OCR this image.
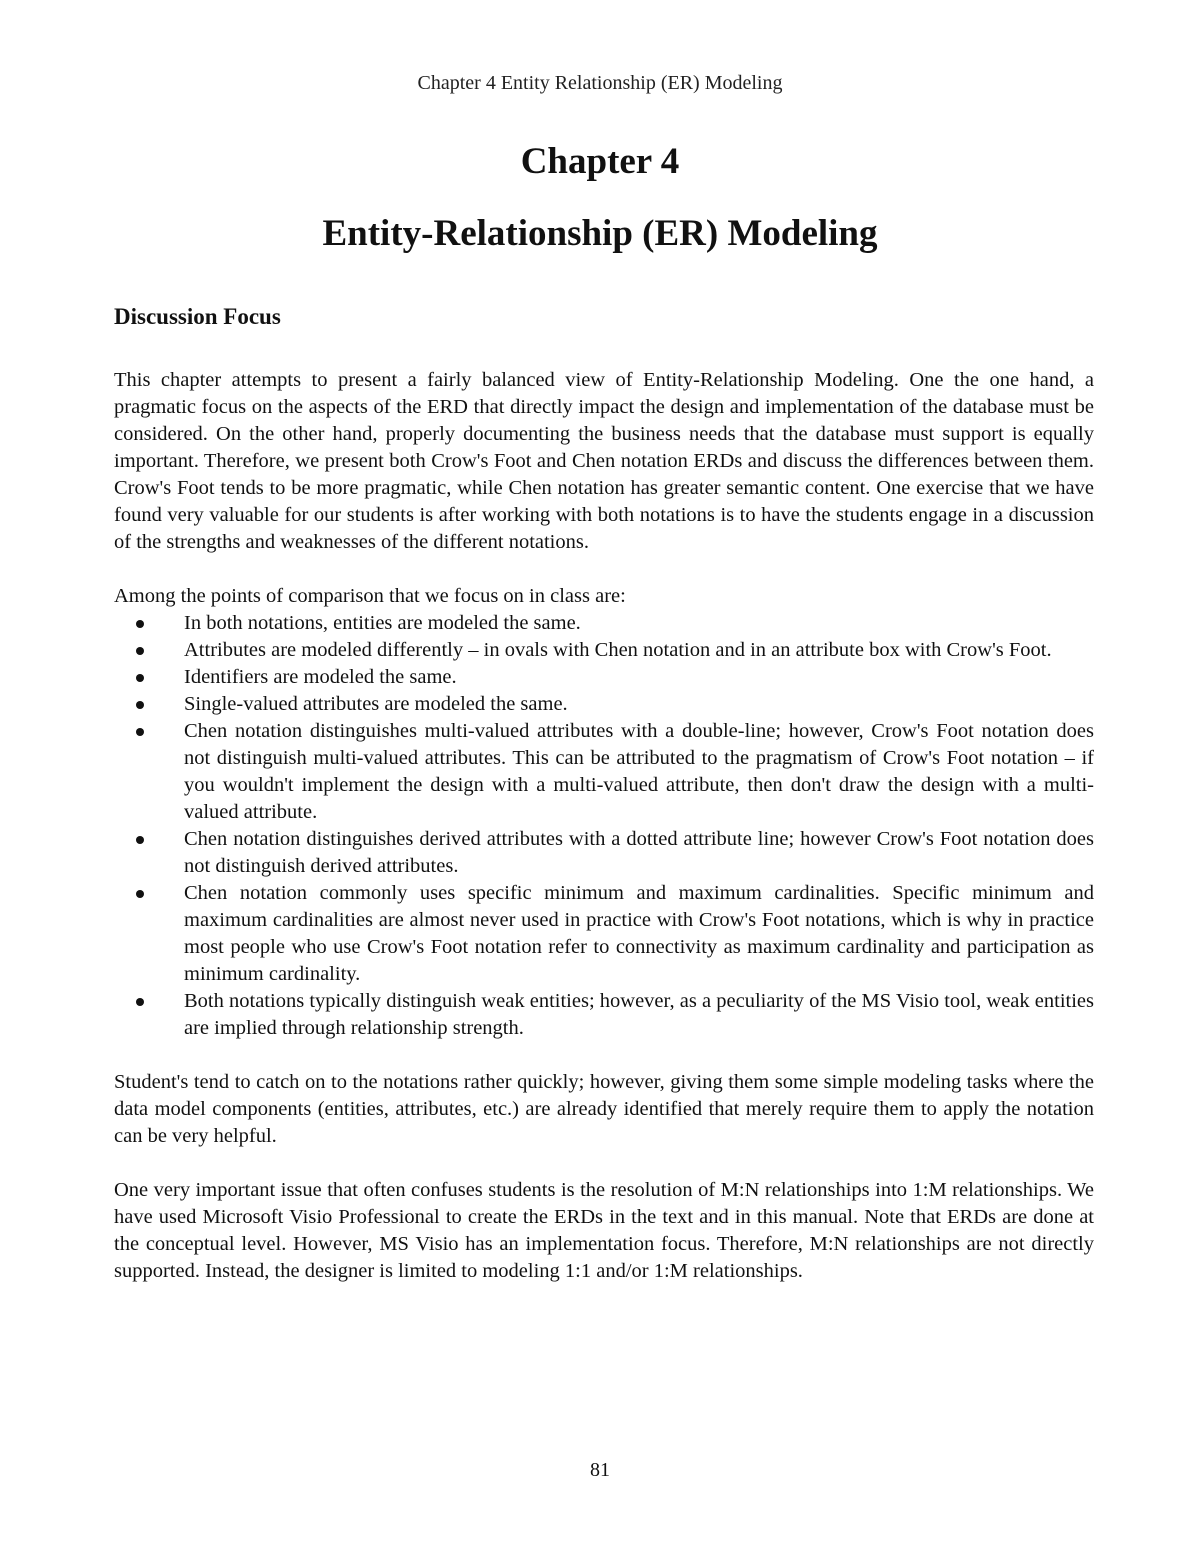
Chapter 4 Entity Relationship (ER) Modeling
Chapter 4
Entity-Relationship (ER) Modeling
Discussion Focus

This chapter attempts to present a fairly balanced view of Entity-Relationship Modeling. One the one hand, a pragmatic focus on the aspects of the ERD that directly impact the design and implementation of the database must be considered. On the other hand, properly documenting the business needs that the database must support is equally important. Therefore, we present both Crow's Foot and Chen notation ERDs and discuss the differences between them. Crow's Foot tends to be more pragmatic, while Chen notation has greater semantic content. One exercise that we have found very valuable for our students is after working with both notations is to have the students engage in a discussion of the strengths and weaknesses of the different notations.

Among the points of comparison that we focus on in class are:

In both notations, entities are modeled the same.
Attributes are modeled differently – in ovals with Chen notation and in an attribute box with Crow's Foot.
Identifiers are modeled the same.
Single-valued attributes are modeled the same.
Chen notation distinguishes multi-valued attributes with a double-line; however, Crow's Foot notation does not distinguish multi-valued attributes. This can be attributed to the pragmatism of Crow's Foot notation – if you wouldn't implement the design with a multi-valued attribute, then don't draw the design with a multi-valued attribute.
Chen notation distinguishes derived attributes with a dotted attribute line; however Crow's Foot notation does not distinguish derived attributes.
Chen notation commonly uses specific minimum and maximum cardinalities. Specific minimum and maximum cardinalities are almost never used in practice with Crow's Foot notations, which is why in practice most people who use Crow's Foot notation refer to connectivity as maximum cardinality and participation as minimum cardinality.
Both notations typically distinguish weak entities; however, as a peculiarity of the MS Visio tool, weak entities are implied through relationship strength.

Student's tend to catch on to the notations rather quickly; however, giving them some simple modeling tasks where the data model components (entities, attributes, etc.) are already identified that merely require them to apply the notation can be very helpful.

One very important issue that often confuses students is the resolution of M:N relationships into 1:M relationships. We have used Microsoft Visio Professional to create the ERDs in the text and in this manual. Note that ERDs are done at the conceptual level. However, MS Visio has an implementation focus. Therefore, M:N relationships are not directly supported. Instead, the designer is limited to modeling 1:1 and/or 1:M relationships.

81
